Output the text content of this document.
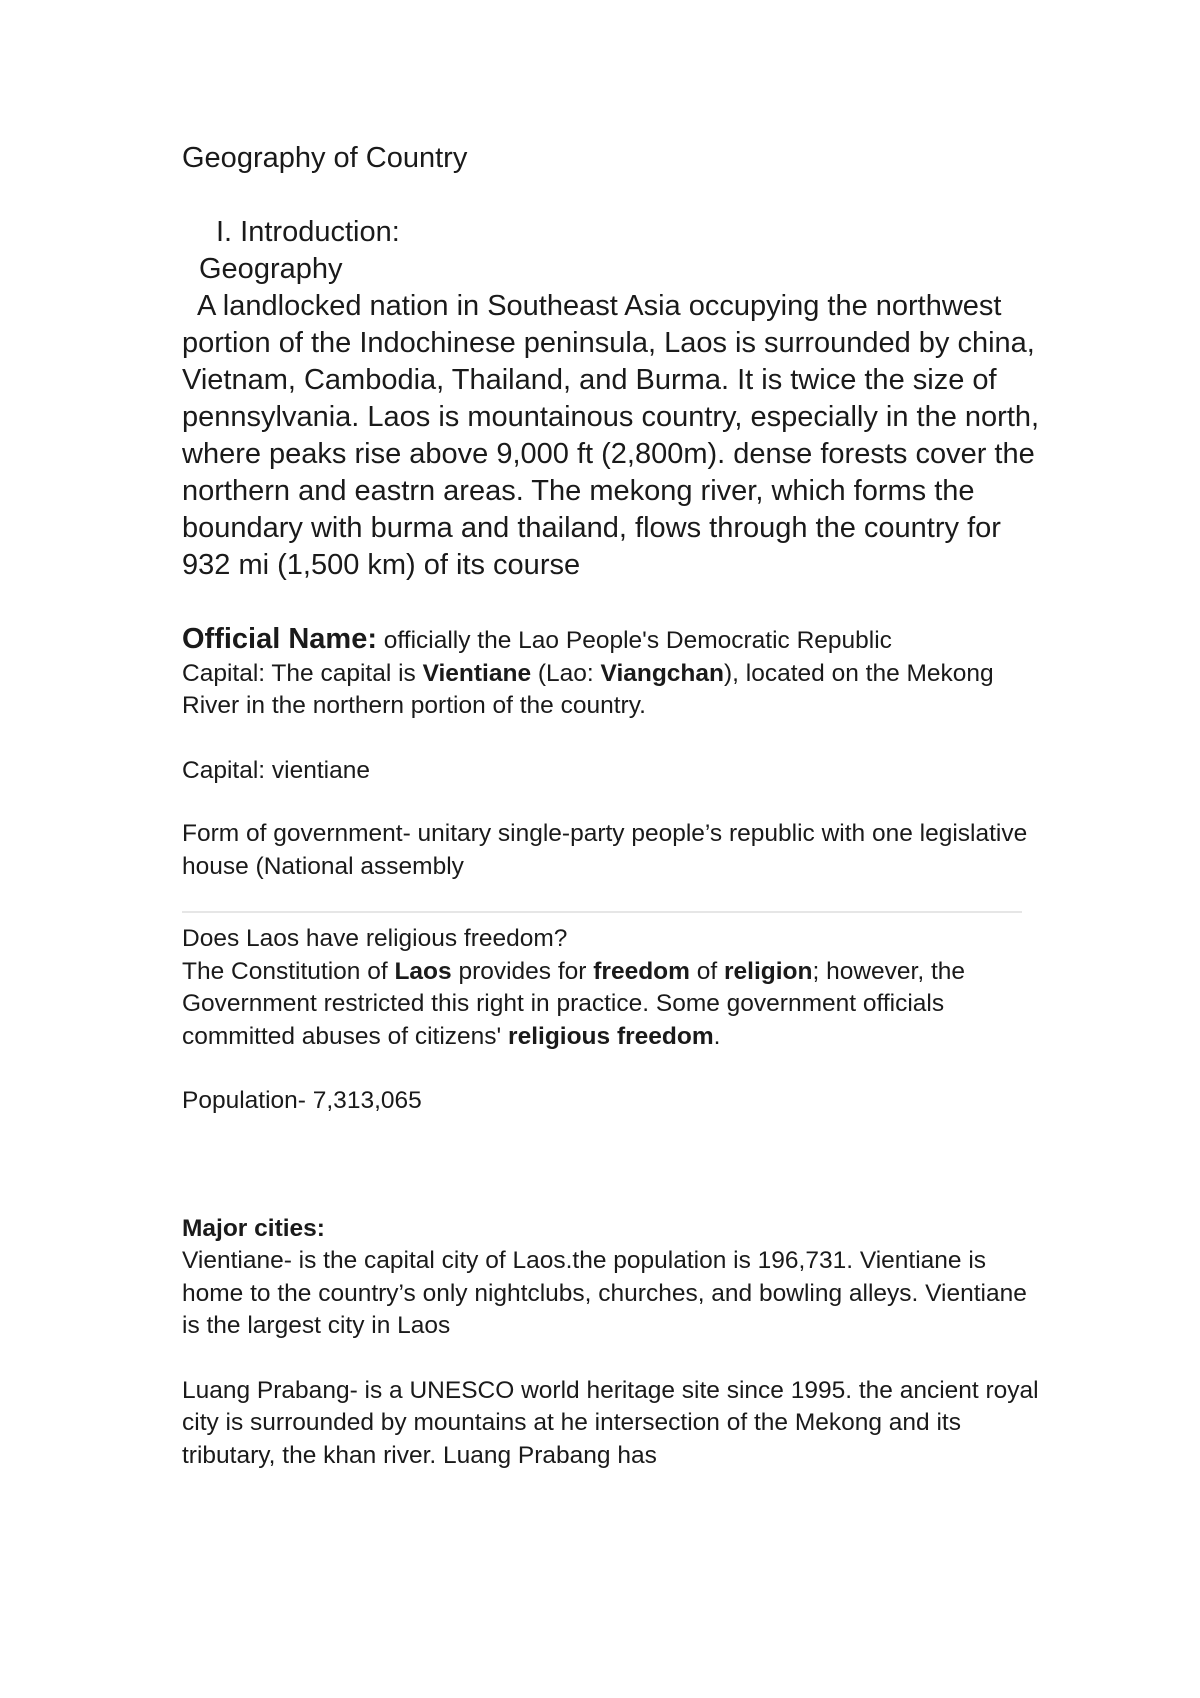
Geography of Country

I. Introduction:

Geography

A landlocked nation in Southeast Asia occupying the northwest portion of the Indochinese peninsula, Laos is surrounded by china, Vietnam, Cambodia, Thailand, and Burma. It is twice the size of pennsylvania. Laos is mountainous country, especially in the north, where peaks rise above 9,000 ft (2,800m). dense forests cover the northern and eastrn areas. The mekong river, which forms the boundary with burma and thailand, flows through the country for 932 mi (1,500 km) of its course

Official Name: officially the Lao People's Democratic Republic

Capital: The capital is Vientiane (Lao: Viangchan), located on the Mekong River in the northern portion of the country.

Capital: vientiane

Form of government- unitary single-party people’s republic with one legislative house (National assembly

Does Laos have religious freedom?

The Constitution of Laos provides for freedom of religion; however, the Government restricted this right in practice. Some government officials committed abuses of citizens' religious freedom.

Population- 7,313,065

Major cities:

Vientiane- is the capital city of Laos.the population is 196,731. Vientiane is home to the country’s only nightclubs, churches, and bowling alleys. Vientiane is the largest city in Laos

Luang Prabang- is a UNESCO world heritage site since 1995. the ancient royal city is surrounded by mountains at he intersection of the Mekong and its tributary, the khan river. Luang Prabang has
